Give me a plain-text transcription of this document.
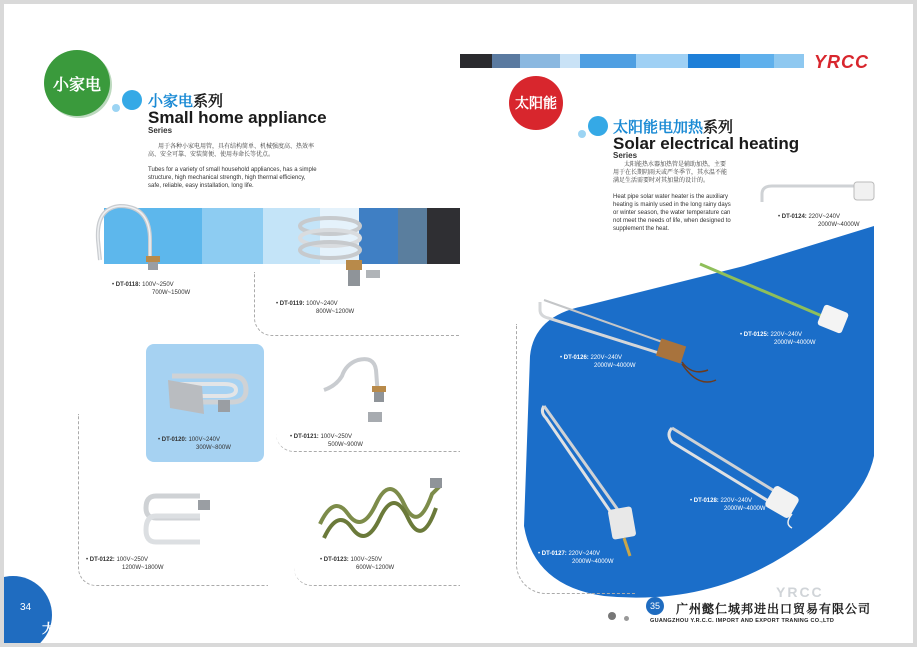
小家电
小家电系列
Small home appliance
Series
用于各种小家电用管，具有结构简单、机械强度高、热效率
高、安全可靠、安装简便、使用寿命长等优点。
Tubes for a variety of small household appliances, has a simple
structure, high mechanical strength, high thermal efficiency,
safe, reliable, easy installation, long life.
• DT-0118: 100V~250V
700W~1500W
• DT-0119: 100V~240V
800W~1200W
• DT-0120: 100V~240V
300W~800W
• DT-0121: 100V~250V
500W~900W
• DT-0122: 100V~250V
1200W~1800W
• DT-0123: 100V~250V
600W~1200W
34
大数跨境
YRCC
太阳能
太阳能电加热系列
Solar electrical heating
Series
太阳能热水器加热管是辅助加热，主要
用于在长期阴雨天或严冬季节，其水温不能
满足生活需要时对其加量的设计的。
Heat pipe solar water heater is the auxiliary
heating is mainly used in the long rainy days
or winter season, the water temperature can
not meet the needs of life, when designed to
supplement the heat.
• DT-0124: 220V~240V
2000W~4000W
• DT-0125: 220V~240V
2000W~4000W
• DT-0126: 220V~240V
2000W~4000W
• DT-0128: 220V~240V
2000W~4000W
• DT-0127: 220V~240V
2000W~4000W
35	广州懿仁城邦进出口贸易有限公司
GUANGZHOU Y.R.C.C. IMPORT AND EXPORT TRANING CO.,LTD
YRCC
